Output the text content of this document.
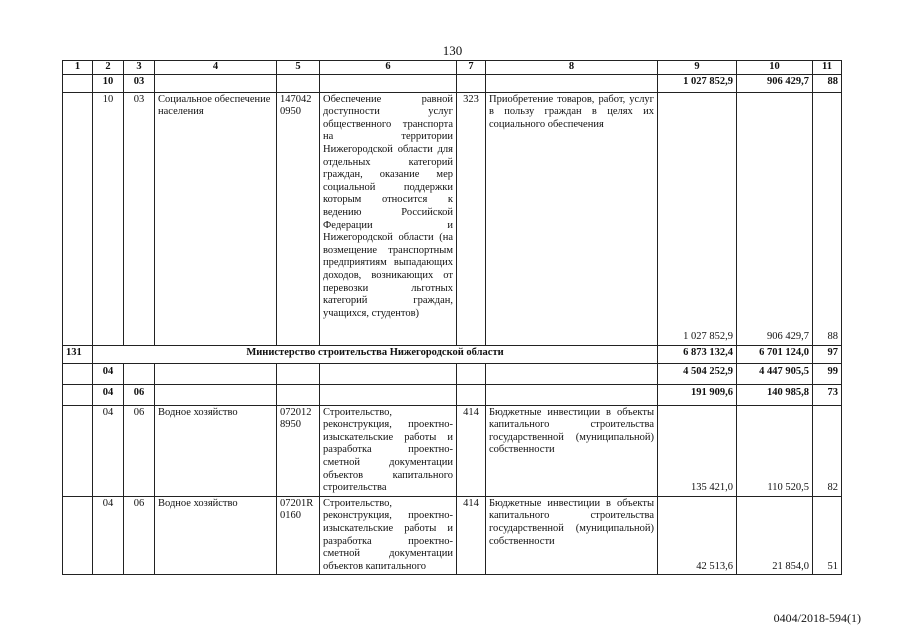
130
1	2	3	4	5	6	7	8	9	10	11
	10	03						1 027 852,9	906 429,7	88
	10	03	Социальное обеспечение населения	147042 0950	Обеспечение равной доступности услуг общественного транспорта на территории Нижегородской области для отдельных категорий граждан, оказание мер социальной поддержки которым относится к ведению Российской Федерации и Нижегородской области (на возмещение транспортным предприятиям выпадающих доходов, возникающих от перевозки льготных категорий граждан, учащихся, студентов)	323	Приобретение товаров, работ, услуг в пользу граждан в целях их социального обеспечения	1 027 852,9	906 429,7	88
131	Министерство строительства Нижегородской области							6 873 132,4	6 701 124,0	97
	04							4 504 252,9	4 447 905,5	99
	04	06						191 909,6	140 985,8	73
	04	06	Водное хозяйство	072012 8950	Строительство, реконструкция, проектно-изыскательские работы и разработка проектно-сметной документации объектов капитального строительства	414	Бюджетные инвестиции в объекты капитального строительства государственной (муниципальной) собственности	135 421,0	110 520,5	82
	04	06	Водное хозяйство	07201R 0160	Строительство, реконструкция, проектно-изыскательские работы и разработка проектно-сметной документации объектов капитального	414	Бюджетные инвестиции в объекты капитального строительства государственной (муниципальной) собственности	42 513,6	21 854,0	51
0404/2018-594(1)
